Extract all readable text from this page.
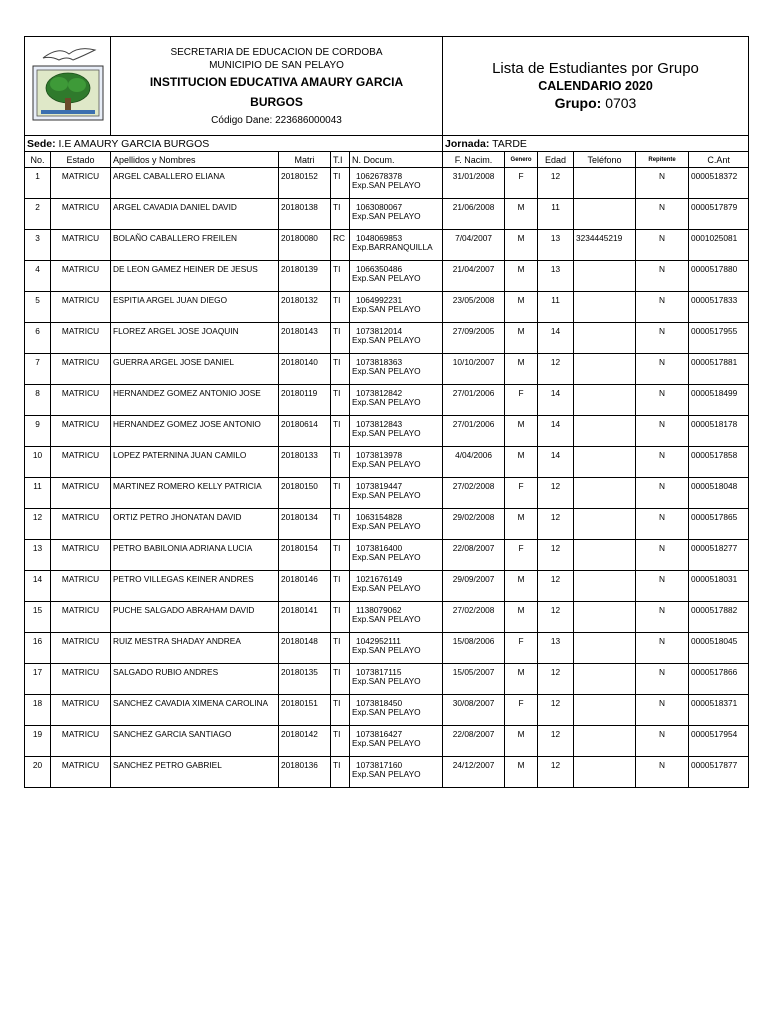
SECRETARIA DE EDUCACION DE CORDOBA
MUNICIPIO DE SAN PELAYO
INSTITUCION EDUCATIVA AMAURY GARCIA BURGOS
Código Dane: 223686000043

Lista de Estudiantes por Grupo
CALENDARIO 2020
Grupo: 0703
Sede: I.E AMAURY GARCIA BURGOS						Jornada: TARDE					
No.	Estado	Apellidos y Nombres	Matri	T.I	N. Docum.	F. Nacim.	Genero	Edad	Teléfono	Repitente	C.Ant
1	MATRICU	ARGEL CABALLERO ELIANA	20180152	TI	1062678378
Exp.SAN PELAYO	31/01/2008	F	12		N	0000518372
2	MATRICU	ARGEL CAVADIA DANIEL DAVID	20180138	TI	1063080067
Exp.SAN PELAYO	21/06/2008	M	11		N	0000517879
3	MATRICU	BOLAÑO CABALLERO FREILEN	20180080	RC	1048069853
Exp.BARRANQUILLA	7/04/2007	M	13	3234445219	N	0001025081
4	MATRICU	DE LEON GAMEZ HEINER DE JESUS	20180139	TI	1066350486
Exp.SAN PELAYO	21/04/2007	M	13		N	0000517880
5	MATRICU	ESPITIA ARGEL JUAN DIEGO	20180132	TI	1064992231
Exp.SAN PELAYO	23/05/2008	M	11		N	0000517833
6	MATRICU	FLOREZ ARGEL JOSE JOAQUIN	20180143	TI	1073812014
Exp.SAN PELAYO	27/09/2005	M	14		N	0000517955
7	MATRICU	GUERRA ARGEL JOSE DANIEL	20180140	TI	1073818363
Exp.SAN PELAYO	10/10/2007	M	12		N	0000517881
8	MATRICU	HERNANDEZ GOMEZ ANTONIO JOSE	20180119	TI	1073812842
Exp.SAN PELAYO	27/01/2006	F	14		N	0000518499
9	MATRICU	HERNANDEZ GOMEZ JOSE ANTONIO	20180614	TI	1073812843
Exp.SAN PELAYO	27/01/2006	M	14		N	0000518178
10	MATRICU	LOPEZ PATERNINA JUAN CAMILO	20180133	TI	1073813978
Exp.SAN PELAYO	4/04/2006	M	14		N	0000517858
11	MATRICU	MARTINEZ ROMERO KELLY PATRICIA	20180150	TI	1073819447
Exp.SAN PELAYO	27/02/2008	F	12		N	0000518048
12	MATRICU	ORTIZ PETRO JHONATAN DAVID	20180134	TI	1063154828
Exp.SAN PELAYO	29/02/2008	M	12		N	0000517865
13	MATRICU	PETRO BABILONIA ADRIANA LUCIA	20180154	TI	1073816400
Exp.SAN PELAYO	22/08/2007	F	12		N	0000518277
14	MATRICU	PETRO VILLEGAS KEINER ANDRES	20180146	TI	1021676149
Exp.SAN PELAYO	29/09/2007	M	12		N	0000518031
15	MATRICU	PUCHE SALGADO ABRAHAM DAVID	20180141	TI	1138079062
Exp.SAN PELAYO	27/02/2008	M	12		N	0000517882
16	MATRICU	RUIZ MESTRA SHADAY ANDREA	20180148	TI	1042952111
Exp.SAN PELAYO	15/08/2006	F	13		N	0000518045
17	MATRICU	SALGADO RUBIO ANDRES	20180135	TI	1073817115
Exp.SAN PELAYO	15/05/2007	M	12		N	0000517866
18	MATRICU	SANCHEZ CAVADIA XIMENA CAROLINA	20180151	TI	1073818450
Exp.SAN PELAYO	30/08/2007	F	12		N	0000518371
19	MATRICU	SANCHEZ GARCIA SANTIAGO	20180142	TI	1073816427
Exp.SAN PELAYO	22/08/2007	M	12		N	0000517954
20	MATRICU	SANCHEZ PETRO GABRIEL	20180136	TI	1073817160
Exp.SAN PELAYO	24/12/2007	M	12		N	0000517877
